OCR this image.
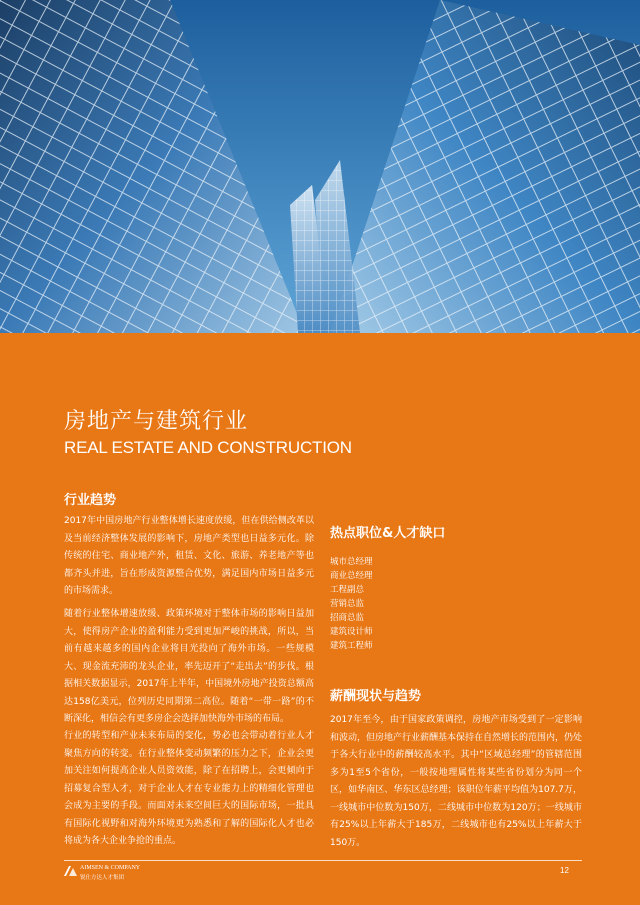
房地产与建筑行业
REAL ESTATE AND CONSTRUCTION
行业趋势

2017年中国房地产行业整体增长速度放缓，但在供给侧改革以及当前经济整体发展的影响下，房地产类型也日益多元化。除传统的住宅、商业地产外，租赁、文化、旅游、养老地产等也都齐头并进，旨在形成资源整合优势，满足国内市场日益多元的市场需求。

随着行业整体增速放缓、政策环境对于整体市场的影响日益加大，使得房产企业的盈利能力受到更加严峻的挑战，所以，当前有越来越多的国内企业将目光投向了海外市场。一些规模大、现金流充沛的龙头企业，率先迈开了“走出去”的步伐。根据相关数据显示，2017年上半年，中国境外房地产投资总额高达158亿美元，位列历史同期第二高位。随着“一带一路”的不断深化，相信会有更多房企会选择加快海外市场的布局。

行业的转型和产业未来布局的变化，势必也会带动着行业人才聚焦方向的转变。在行业整体变动频繁的压力之下，企业会更加关注如何提高企业人员资效能，除了在招聘上，会更倾向于招募复合型人才，对于企业人才在专业能力上的精细化管理也会成为主要的手段。而面对未来空间巨大的国际市场，一批具有国际化视野和对海外环境更为熟悉和了解的国际化人才也必将成为各大企业争抢的重点。

热点职位&人才缺口
城市总经理
商业总经理
工程副总
营销总监
招商总监
建筑设计师
建筑工程师
薪酬现状与趋势

2017年至今，由于国家政策调控，房地产市场受到了一定影响和波动，但房地产行业薪酬基本保持在自然增长的范围内，仍处于各大行业中的薪酬较高水平。其中“区域总经理”的管辖范围多为1至5个省份，一般按地理属性将某些省份划分为同一个区，如华南区、华东区总经理；该职位年薪平均值为107.7万，一线城市中位数为150万，二线城市中位数为120万；一线城市有25%以上年薪大于185万，二线城市也有25%以上年薪大于150万。

AIMSEN & COMPANY
锐仕方达人才集团
12
